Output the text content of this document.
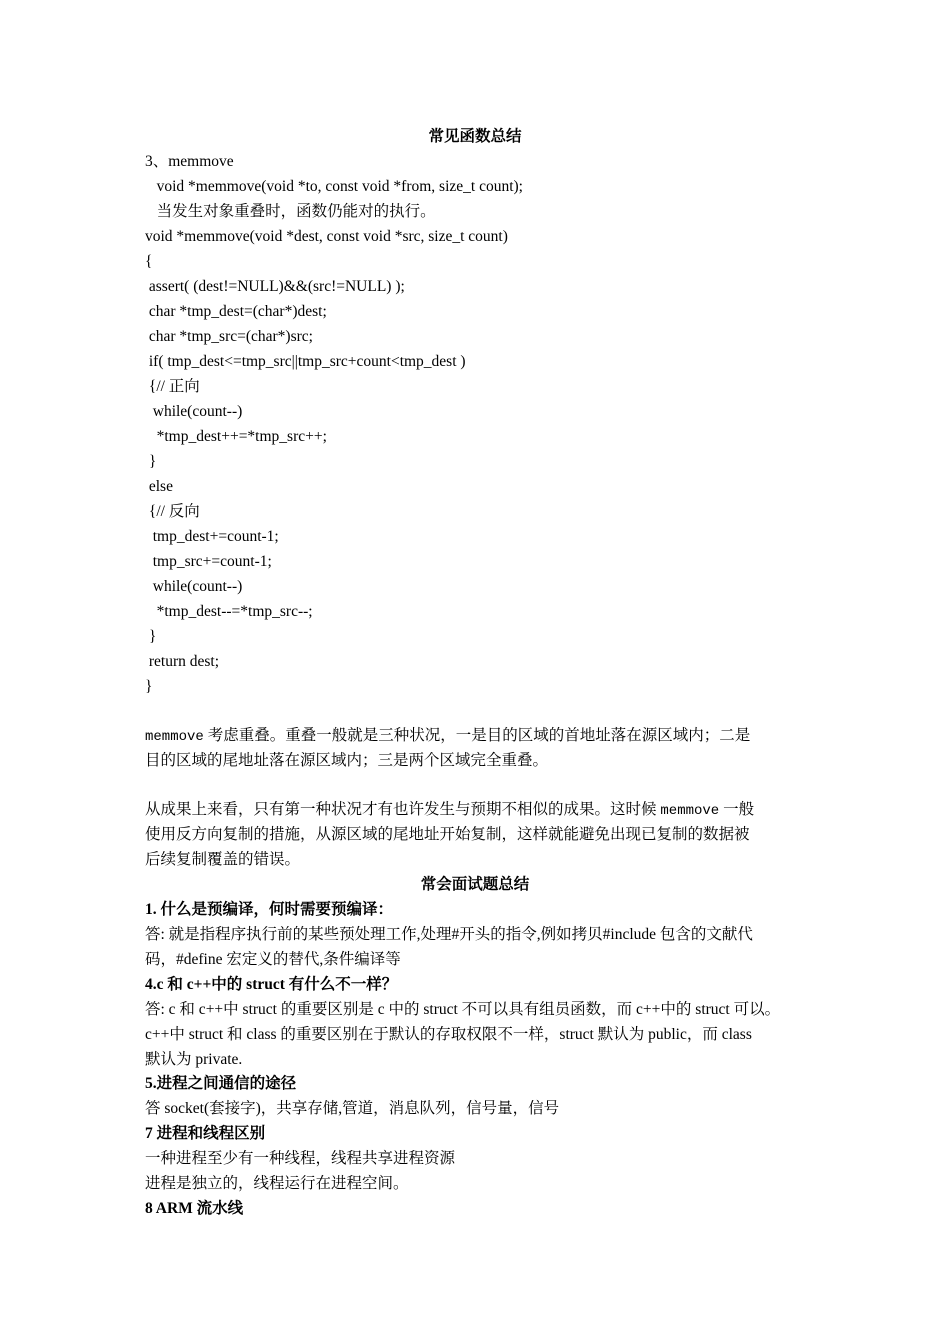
常见函数总结
3、memmove
void *memmove(void *to, const void *from, size_t count);
当发生对象重叠时，函数仍能对的执行。
void *memmove(void *dest, const void *src, size_t count)
{
assert( (dest!=NULL)&&(src!=NULL) );
char *tmp_dest=(char*)dest;
char *tmp_src=(char*)src;
if( tmp_dest<=tmp_src||tmp_src+count<tmp_dest )
{// 正向
while(count--)
*tmp_dest++=*tmp_src++;
}
else
{// 反向
tmp_dest+=count-1;
tmp_src+=count-1;
while(count--)
*tmp_dest--=*tmp_src--;
}
return dest;
}
memmove 考虑重叠。重叠一般就是三种状况，一是目的区域的首地址落在源区域内；二是
目的区域的尾地址落在源区域内；三是两个区域完全重叠。
从成果上来看，只有第一种状况才有也许发生与预期不相似的成果。这时候 memmove 一般
使用反方向复制的措施，从源区域的尾地址开始复制，这样就能避免出现已复制的数据被
后续复制覆盖的错误。
常会面试题总结
1. 什么是预编译，何时需要预编译：
答: 就是指程序执行前的某些预处理工作,处理#开头的指令,例如拷贝#include 包含的文献代
码，#define 宏定义的替代,条件编译等
4.c 和 c++中的 struct 有什么不一样？
答: c 和 c++中 struct 的重要区别是 c 中的 struct 不可以具有组员函数，而 c++中的 struct 可以。
c++中 struct 和 class 的重要区别在于默认的存取权限不一样，struct 默认为 public，而 class
默认为 private.
5.进程之间通信的途径
答 socket(套接字)，共享存储,管道，消息队列，信号量，信号
7 进程和线程区别
一种进程至少有一种线程，线程共享进程资源
进程是独立的，线程运行在进程空间。
8 ARM 流水线
